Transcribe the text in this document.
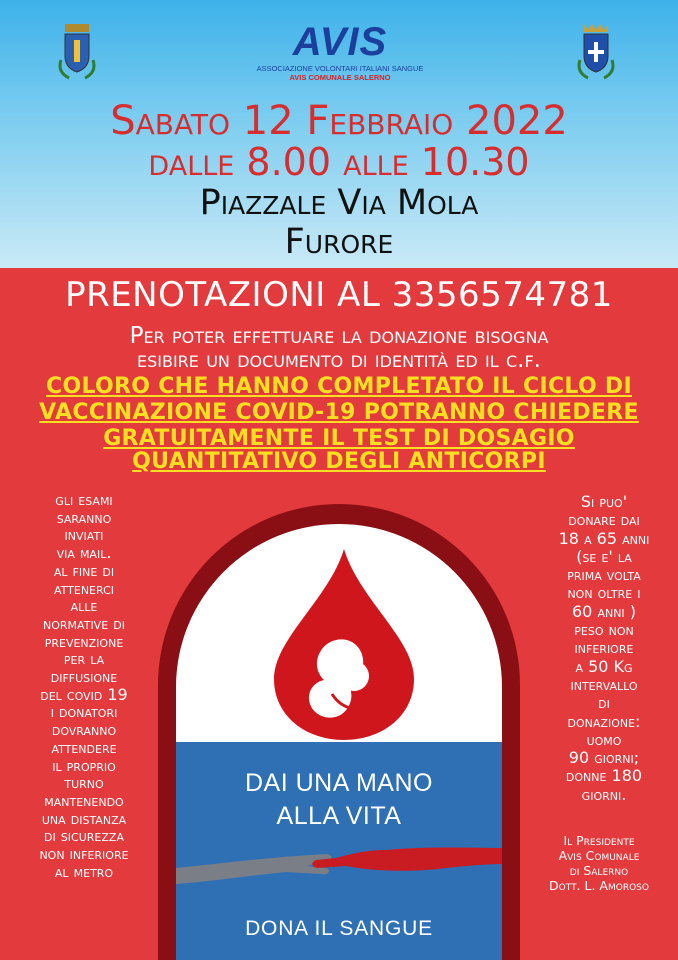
AVIS
ASSOCIAZIONE VOLONTARI ITALIANI SANGUE
AVIS COMUNALE SALERNO
Sabato 12 Febbraio 2022
dalle 8.00 alle 10.30
Piazzale Via Mola
Furore
PRENOTAZIONI AL 3356574781
Per poter effettuare la donazione bisogna
esibire un documento di identità ed il c.f.
COLORO CHE HANNO COMPLETATO IL CICLO DI
VACCINAZIONE COVID-19 POTRANNO CHIEDERE
GRATUITAMENTE IL TEST DI DOSAGIO
QUANTITATIVO DEGLI ANTICORPI
DAI UNA MANO
ALLA VITA
DONA IL SANGUE
gli esami
saranno
inviati
via mail.
al fine di
attenerci
alle
normative di
prevenzione
per la
diffusione
del covid 19
i donatori
dovranno
attendere
il proprio
turno
mantenendo
una distanza
di sicurezza
non inferiore
al metro
Si puo'
donare dai
18 a 65 anni
(se e' la
prima volta
non oltre i
60 anni )
peso non
inferiore
a 50 Kg
intervallo
di
donazione:
uomo
90 giorni;
donne 180
giorni.
Il Presidente
Avis Comunale
di Salerno
Dott. L. Amoroso
